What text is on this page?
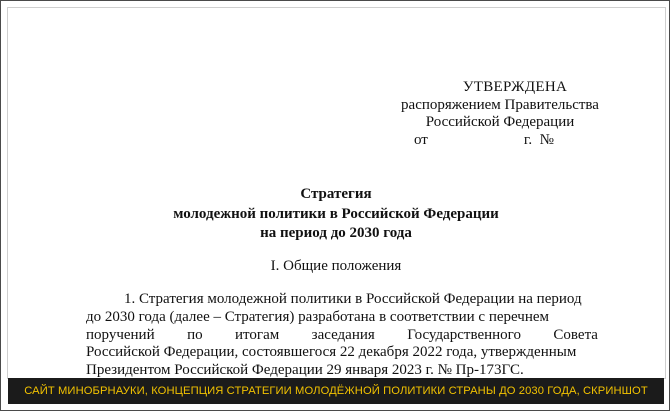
УТВЕРЖДЕНА
распоряжением Правительства
Российской Федерации
от	г. №
Стратегия
молодежной политики в Российской Федерации
на период до 2030 года
I. Общие положения
1. Стратегия молодежной политики в Российской Федерации на период
до 2030 года (далее – Стратегия) разработана в соответствии с перечнем
поручений по итогам заседания Государственного Совета
Российской Федерации, состоявшегося 22 декабря 2022 года, утвержденным
Президентом Российской Федерации 29 января 2023 г. № Пр-173ГС.
САЙТ МИНОБРНАУКИ, КОНЦЕПЦИЯ СТРАТЕГИИ МОЛОДЁЖНОЙ ПОЛИТИКИ СТРАНЫ ДО 2030 ГОДА, СКРИНШОТ
